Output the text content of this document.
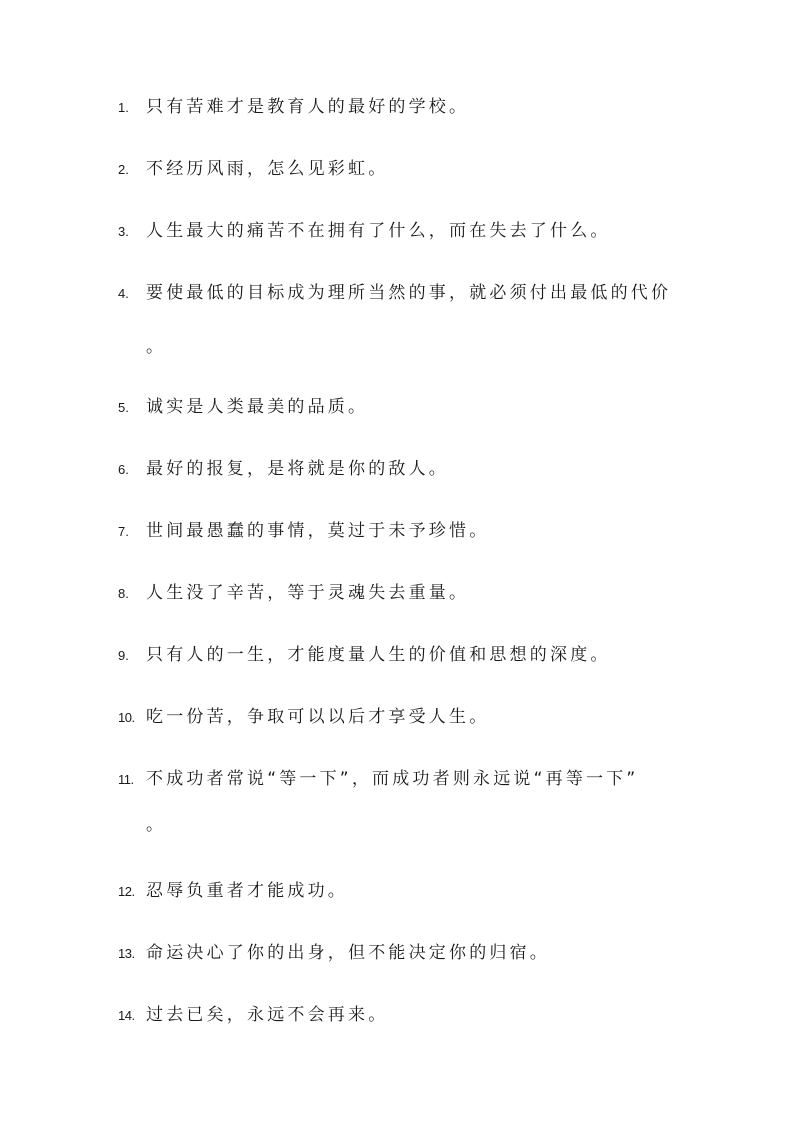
1.	只有苦难才是教育人的最好的学校。
2.	不经历风雨，怎么见彩虹。
3.	人生最大的痛苦不在拥有了什么，而在失去了什么。
4.	要使最低的目标成为理所当然的事，就必须付出最低的代价
。
5.	诚实是人类最美的品质。
6.	最好的报复，是将就是你的敌人。
7.	世间最愚蠢的事情，莫过于未予珍惜。
8.	人生没了辛苦，等于灵魂失去重量。
9.	只有人的一生，才能度量人生的价值和思想的深度。
10. 吃一份苦，争取可以以后才享受人生。
11. 不成功者常说“等一下”，而成功者则永远说“再等一下”
。
12. 忍辱负重者才能成功。
13. 命运决心了你的出身，但不能决定你的归宿。
14. 过去已矣，永远不会再来。
